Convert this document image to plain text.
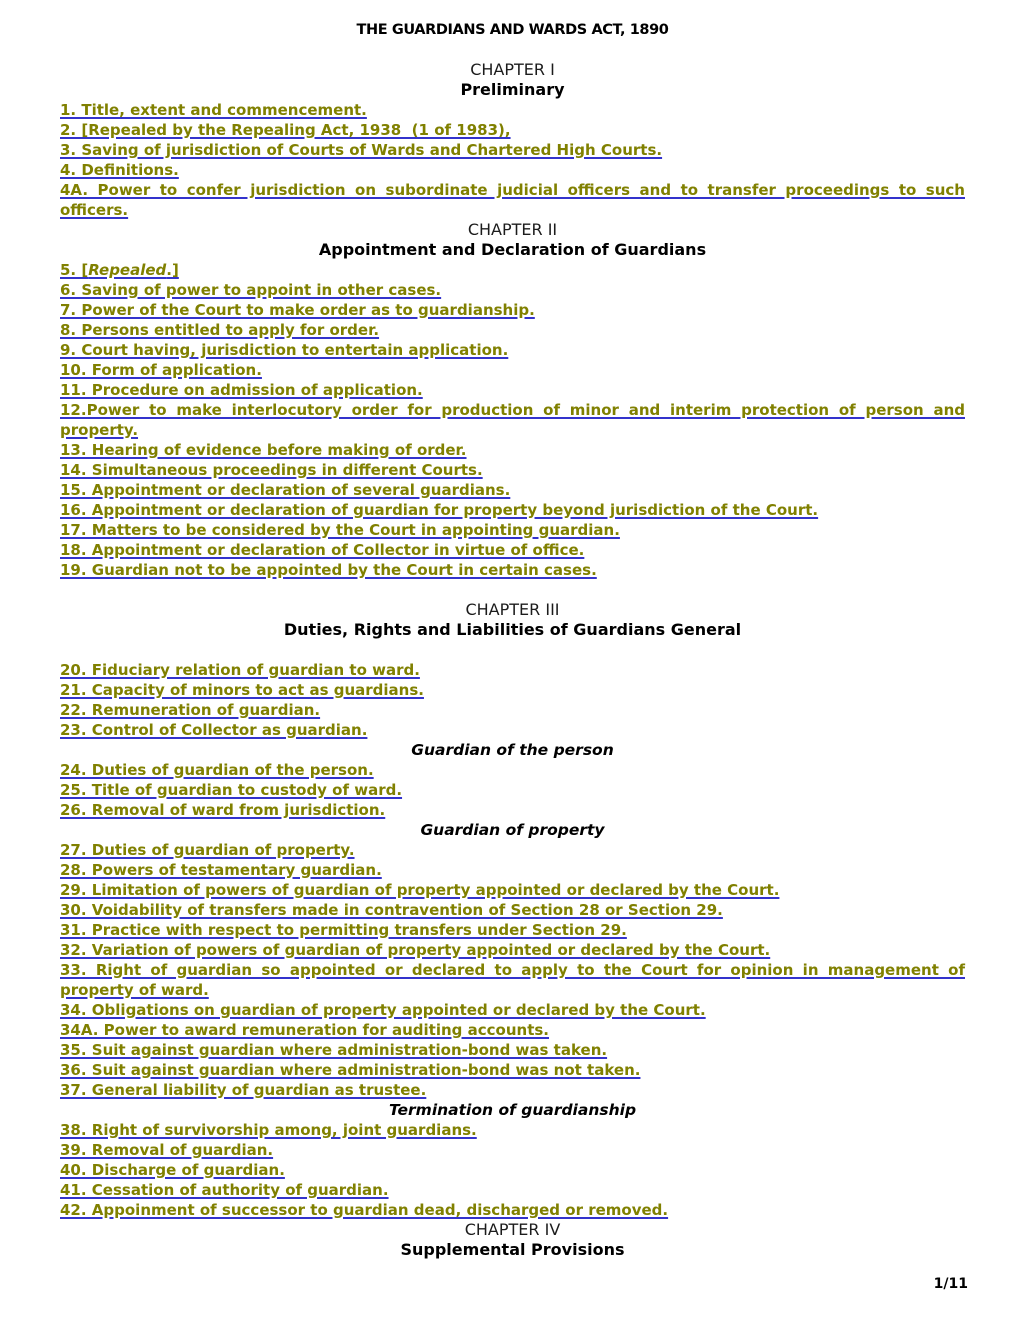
THE GUARDIANS AND WARDS ACT, 1890
CHAPTER I
Preliminary
1. Title, extent and commencement.
2. [Repealed by the Repealing Act, 1938  (1 of 1983),
3. Saving of jurisdiction of Courts of Wards and Chartered High Courts.
4. Definitions.
4A. Power to confer jurisdiction on subordinate judicial officers and to transfer proceedings to such officers.
CHAPTER II
Appointment and Declaration of Guardians
5. [Repealed.]
6. Saving of power to appoint in other cases.
7. Power of the Court to make order as to guardianship.
8. Persons entitled to apply for order.
9. Court having, jurisdiction to entertain application.
10. Form of application.
11. Procedure on admission of application.
12.Power to make interlocutory order for production of minor and interim protection of person and property.
13. Hearing of evidence before making of order.
14. Simultaneous proceedings in different Courts.
15. Appointment or declaration of several guardians.
16. Appointment or declaration of guardian for property beyond jurisdiction of the Court.
17. Matters to be considered by the Court in appointing guardian.
18. Appointment or declaration of Collector in virtue of office.
19. Guardian not to be appointed by the Court in certain cases.
CHAPTER III
Duties, Rights and Liabilities of Guardians General
20. Fiduciary relation of guardian to ward.
21. Capacity of minors to act as guardians.
22. Remuneration of guardian.
23. Control of Collector as guardian.
Guardian of the person
24. Duties of guardian of the person.
25. Title of guardian to custody of ward.
26. Removal of ward from jurisdiction.
Guardian of property
27. Duties of guardian of property.
28. Powers of testamentary guardian.
29. Limitation of powers of guardian of property appointed or declared by the Court.
30. Voidability of transfers made in contravention of Section 28 or Section 29.
31. Practice with respect to permitting transfers under Section 29.
32. Variation of powers of guardian of property appointed or declared by the Court.
33. Right of guardian so appointed or declared to apply to the Court for opinion in management of property of ward.
34. Obligations on guardian of property appointed or declared by the Court.
34A. Power to award remuneration for auditing accounts.
35. Suit against guardian where administration-bond was taken.
36. Suit against guardian where administration-bond was not taken.
37. General liability of guardian as trustee.
Termination of guardianship
38. Right of survivorship among, joint guardians.
39. Removal of guardian.
40. Discharge of guardian.
41. Cessation of authority of guardian.
42. Appoinment of successor to guardian dead, discharged or removed.
CHAPTER IV
Supplemental Provisions
1/11
